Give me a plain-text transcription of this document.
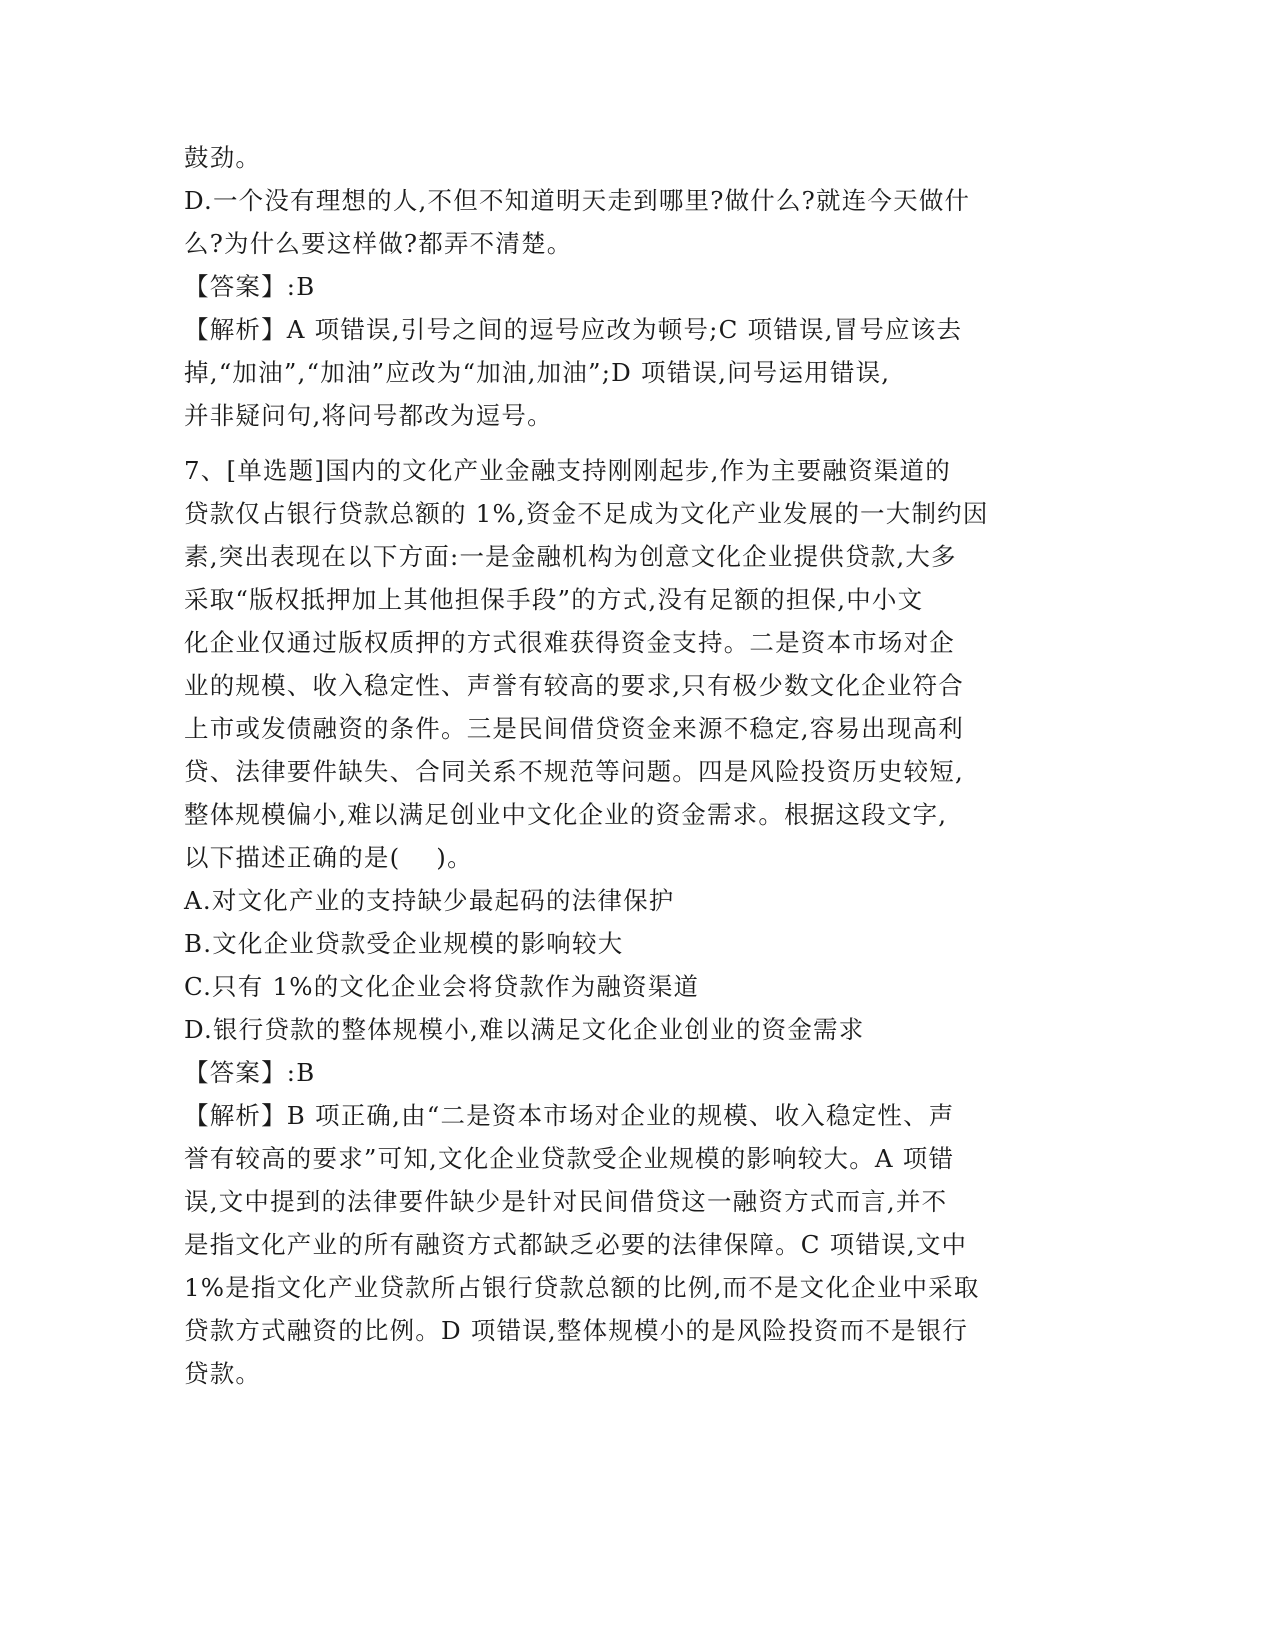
鼓劲。
D.一个没有理想的人,不但不知道明天走到哪里?做什么?就连今天做什
么?为什么要这样做?都弄不清楚。
【答案】:B
【解析】A 项错误,引号之间的逗号应改为顿号;C 项错误,冒号应该去
掉,“加油”,“加油”应改为“加油,加油”;D 项错误,问号运用错误,
并非疑问句,将问号都改为逗号。
7、[单选题]国内的文化产业金融支持刚刚起步,作为主要融资渠道的
贷款仅占银行贷款总额的 1%,资金不足成为文化产业发展的一大制约因
素,突出表现在以下方面:一是金融机构为创意文化企业提供贷款,大多
采取“版权抵押加上其他担保手段”的方式,没有足额的担保,中小文
化企业仅通过版权质押的方式很难获得资金支持。二是资本市场对企
业的规模、收入稳定性、声誉有较高的要求,只有极少数文化企业符合
上市或发债融资的条件。三是民间借贷资金来源不稳定,容易出现高利
贷、法律要件缺失、合同关系不规范等问题。四是风险投资历史较短,
整体规模偏小,难以满足创业中文化企业的资金需求。根据这段文字,
以下描述正确的是(    )。
A.对文化产业的支持缺少最起码的法律保护
B.文化企业贷款受企业规模的影响较大
C.只有 1%的文化企业会将贷款作为融资渠道
D.银行贷款的整体规模小,难以满足文化企业创业的资金需求
【答案】:B
【解析】B 项正确,由“二是资本市场对企业的规模、收入稳定性、声
誉有较高的要求”可知,文化企业贷款受企业规模的影响较大。A 项错
误,文中提到的法律要件缺少是针对民间借贷这一融资方式而言,并不
是指文化产业的所有融资方式都缺乏必要的法律保障。C 项错误,文中
1%是指文化产业贷款所占银行贷款总额的比例,而不是文化企业中采取
贷款方式融资的比例。D 项错误,整体规模小的是风险投资而不是银行
贷款。
